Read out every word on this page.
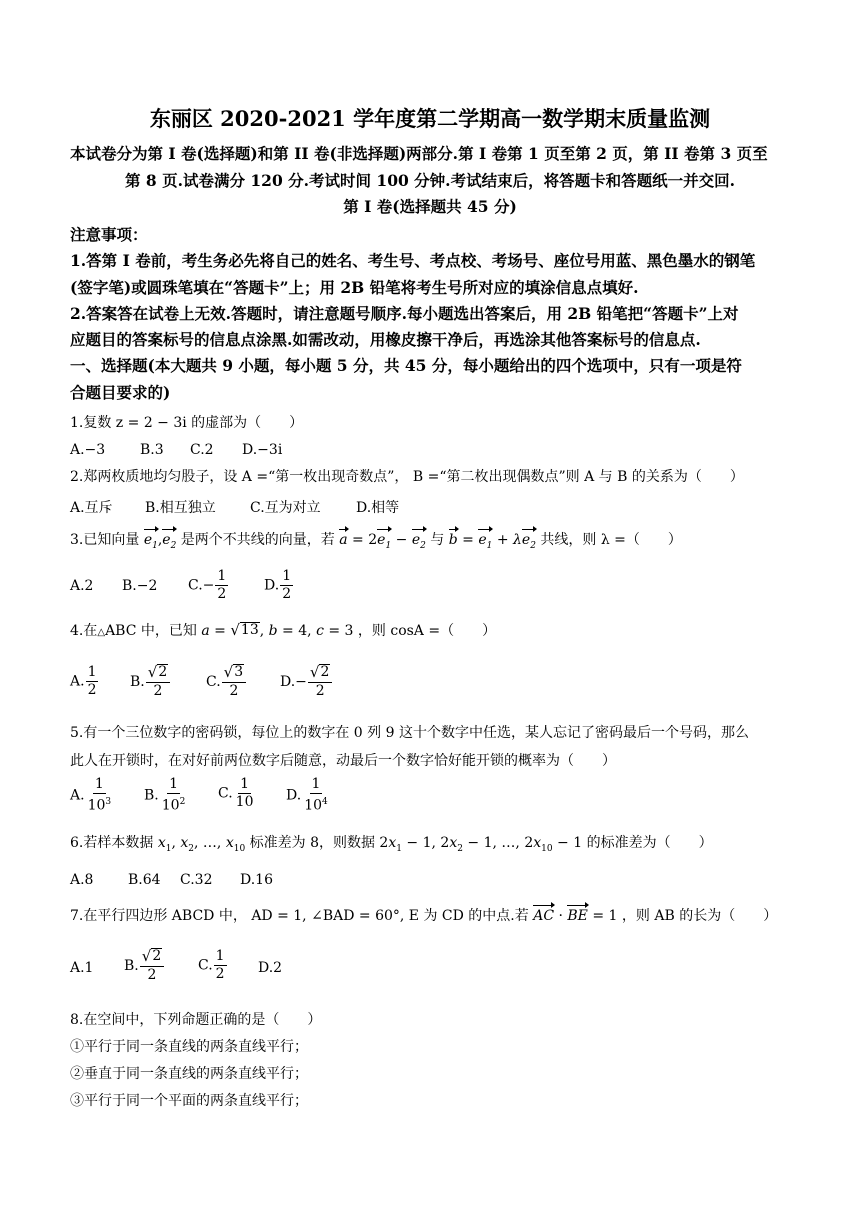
东丽区 2020-2021 学年度第二学期高一数学期末质量监测
本试卷分为第 I 卷(选择题)和第 II 卷(非选择题)两部分.第 I 卷第 1 页至第 2 页，第 II 卷第 3 页至
第 8 页.试卷满分 120 分.考试时间 100 分钟.考试结束后，将答题卡和答题纸一并交回.
第 I 卷(选择题共 45 分)
注意事项：
1.答第 I 卷前，考生务必先将自己的姓名、考生号、考点校、考场号、座位号用蓝、黑色墨水的钢笔
(签字笔)或圆珠笔填在“答题卡”上；用 2B 铅笔将考生号所对应的填涂信息点填好.
2.答案答在试卷上无效.答题时，请注意题号顺序.每小题选出答案后，用 2B 铅笔把“答题卡”上对
应题目的答案标号的信息点涂黑.如需改动，用橡皮擦干净后，再选涂其他答案标号的信息点.
一、选择题(本大题共 9 小题，每小题 5 分，共 45 分，每小题给出的四个选项中，只有一项是符
合题目要求的)
1.复数 z = 2 − 3i 的虚部为（　　）
A.−3 B.3 C.2 D.−3i
2.郑两枚质地均匀股子，设 A =“第一枚出现奇数点”， B =“第二枚出现偶数点”则 A 与 B 的关系为（　　）
A.互斥 B.相互独立 C.互为对立	D.相等
3.已知向量 $e_1,e_2$ 是两个不共线的向量，若 $a = 2e_1 - e_2$ 与 $b = e_1 + \lambda e_2$ 共线，则 λ =（　　）
A.2 B.−2 $C.- \frac{1}{2}$	D. $\frac{1}{2}$
4.在△ABC 中，已知 a = √ 13 , b = 4, c = 3 ，则 cosA =（　　）
A. $\frac{1}{2} B$. $\frac{√ 2}{2}$	C. $\frac{√ 3}{2} D.- \frac{√ 2}{2}$
5.有一个三位数字的密码锁，每位上的数字在 0 列 9 这十个数字中任选，某人忘记了密码最后一个号码，那么
此人在开锁时，在对好前两位数字后随意，动最后一个数字恰好能开锁的概率为（　　）
A. $\frac{1}{10^3} B$. $\frac{1}{10^2} C$. $\frac{1}{10} D$. $\frac{1}{10^4}$
6.若样本数据 $x_1$, $x_2$, …, $x_{10}$ 标准差为 8，则数据 $2x_1 - 1$, $2x_2 - 1$, …, $2x_{10} - 1$ 的标准差为（　　）
A.8 B.64 C.32 D.16
7.在平行四边形 ABCD 中， AD = 1, ∠BAD = 60°, E 为 CD 的中点.若 AC · BE = 1 ，则 AB 的长为（　　）
A.1 B. $\frac{√ 2}{2} C$. $\frac{1}{2} D.2$
8.在空间中，下列命题正确的是（　　）
①平行于同一条直线的两条直线平行；
②垂直于同一条直线的两条直线平行；
③平行于同一个平面的两条直线平行；
